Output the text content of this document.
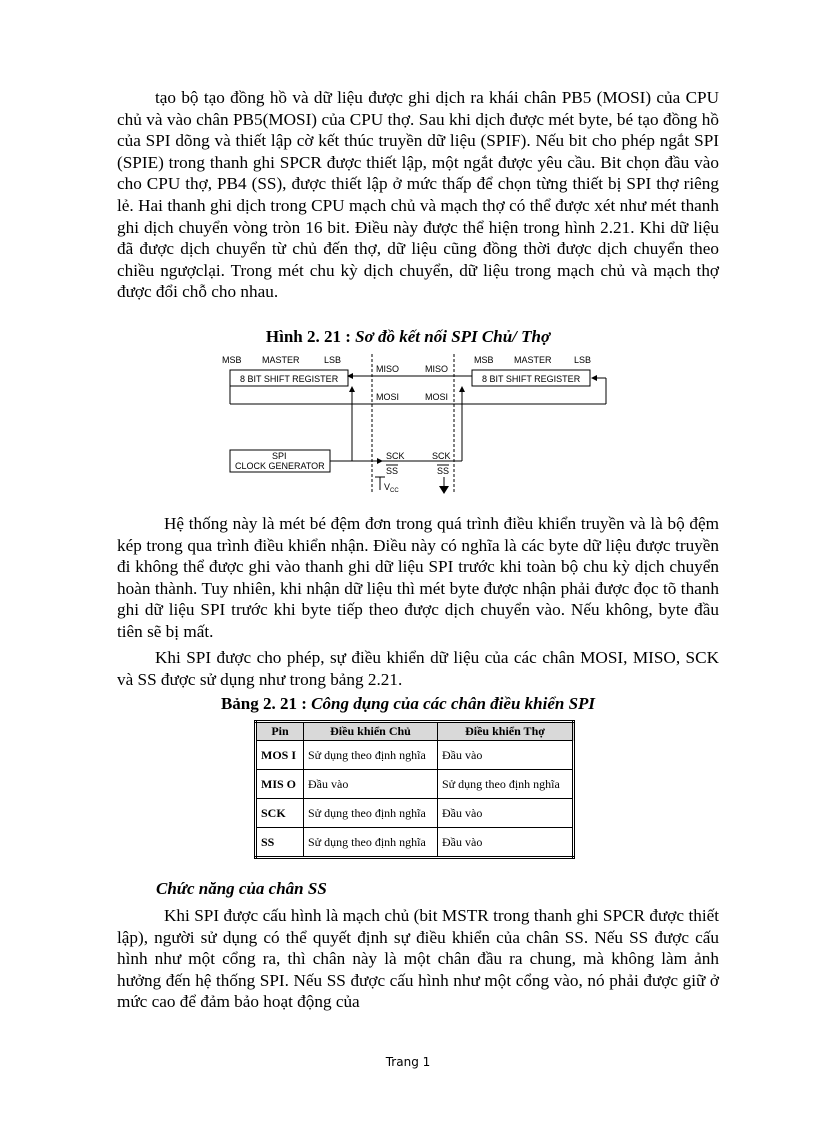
tạo bộ tạo đồng hồ và dữ liệu được ghi dịch ra khái chân PB5 (MOSI) của CPU chủ và vào chân PB5(MOSI) của CPU thợ. Sau khi dịch được mét byte, bé tạo đồng hồ của SPI dõng và thiết lập cờ kết thúc truyền dữ liệu (SPIF). Nếu bit cho phép ngắt SPI (SPIE) trong thanh ghi SPCR được thiết lập, một ngắt được yêu cầu. Bit chọn đầu vào cho CPU thợ, PB4 (SS), được thiết lập ở mức thấp để chọn từng thiết bị SPI thợ riêng lẻ. Hai thanh ghi dịch trong CPU mạch chủ và mạch thợ có thể được xét như mét thanh ghi dịch chuyển vòng tròn 16 bit. Điều này được thể hiện trong hình 2.21. Khi dữ liệu đã được dịch chuyển từ chủ đến thợ, dữ liệu cũng đồng thời được dịch chuyển theo chiều ngượclại. Trong mét chu kỳ dịch chuyển, dữ liệu trong mạch chủ và mạch thợ được đổi chỗ cho nhau.

Hình 2. 21 : Sơ đồ kết nối SPI Chủ/ Thợ
MSB MASTER	LSB
8 BIT SHIFT REGISTER
MSB MASTER LSB
8 BIT SHIFT REGISTER
MISO	MISO
MOSI	MOSI
SPI
CLOCK GENERATOR
SCK	SCK
SS	SS
$V_{CC}$

Hệ thống này là mét bé đệm đơn trong quá trình điều khiển truyền và là bộ đệm kép trong qua trình điều khiển nhận. Điều này có nghĩa là các byte dữ liệu được truyền đi không thể được ghi vào thanh ghi dữ liệu SPI trước khi toàn bộ chu kỳ dịch chuyển hoàn thành. Tuy nhiên, khi nhận dữ liệu thì mét byte được nhận phải được đọc tõ thanh ghi dữ liệu SPI trước khi byte tiếp theo được dịch chuyển vào. Nếu không, byte đầu tiên sẽ bị mất.

Khi SPI được cho phép, sự điều khiển dữ liệu của các chân MOSI, MISO, SCK và SS được sử dụng như trong bảng 2.21.

Bảng 2. 21 : Công dụng của các chân điều khiển SPI
Pin	Điều khiển Chủ	Điều khiển Thợ
MOS I	Sử dụng theo định nghĩa	Đầu vào
MIS O	Đầu vào	Sử dụng theo định nghĩa
SCK	Sử dụng theo định nghĩa	Đầu vào
SS	Sử dụng theo định nghĩa	Đầu vào
Chức năng của chân SS

Khi SPI được cấu hình là mạch chủ (bit MSTR trong thanh ghi SPCR được thiết lập), người sử dụng có thể quyết định sự điều khiển của chân SS. Nếu SS được cấu hình như một cổng ra, thì chân này là một chân đầu ra chung, mà không làm ảnh hưởng đến hệ thống SPI. Nếu SS được cấu hình như một cổng vào, nó phải được giữ ở mức cao để đảm bảo hoạt động của

Trang 1
